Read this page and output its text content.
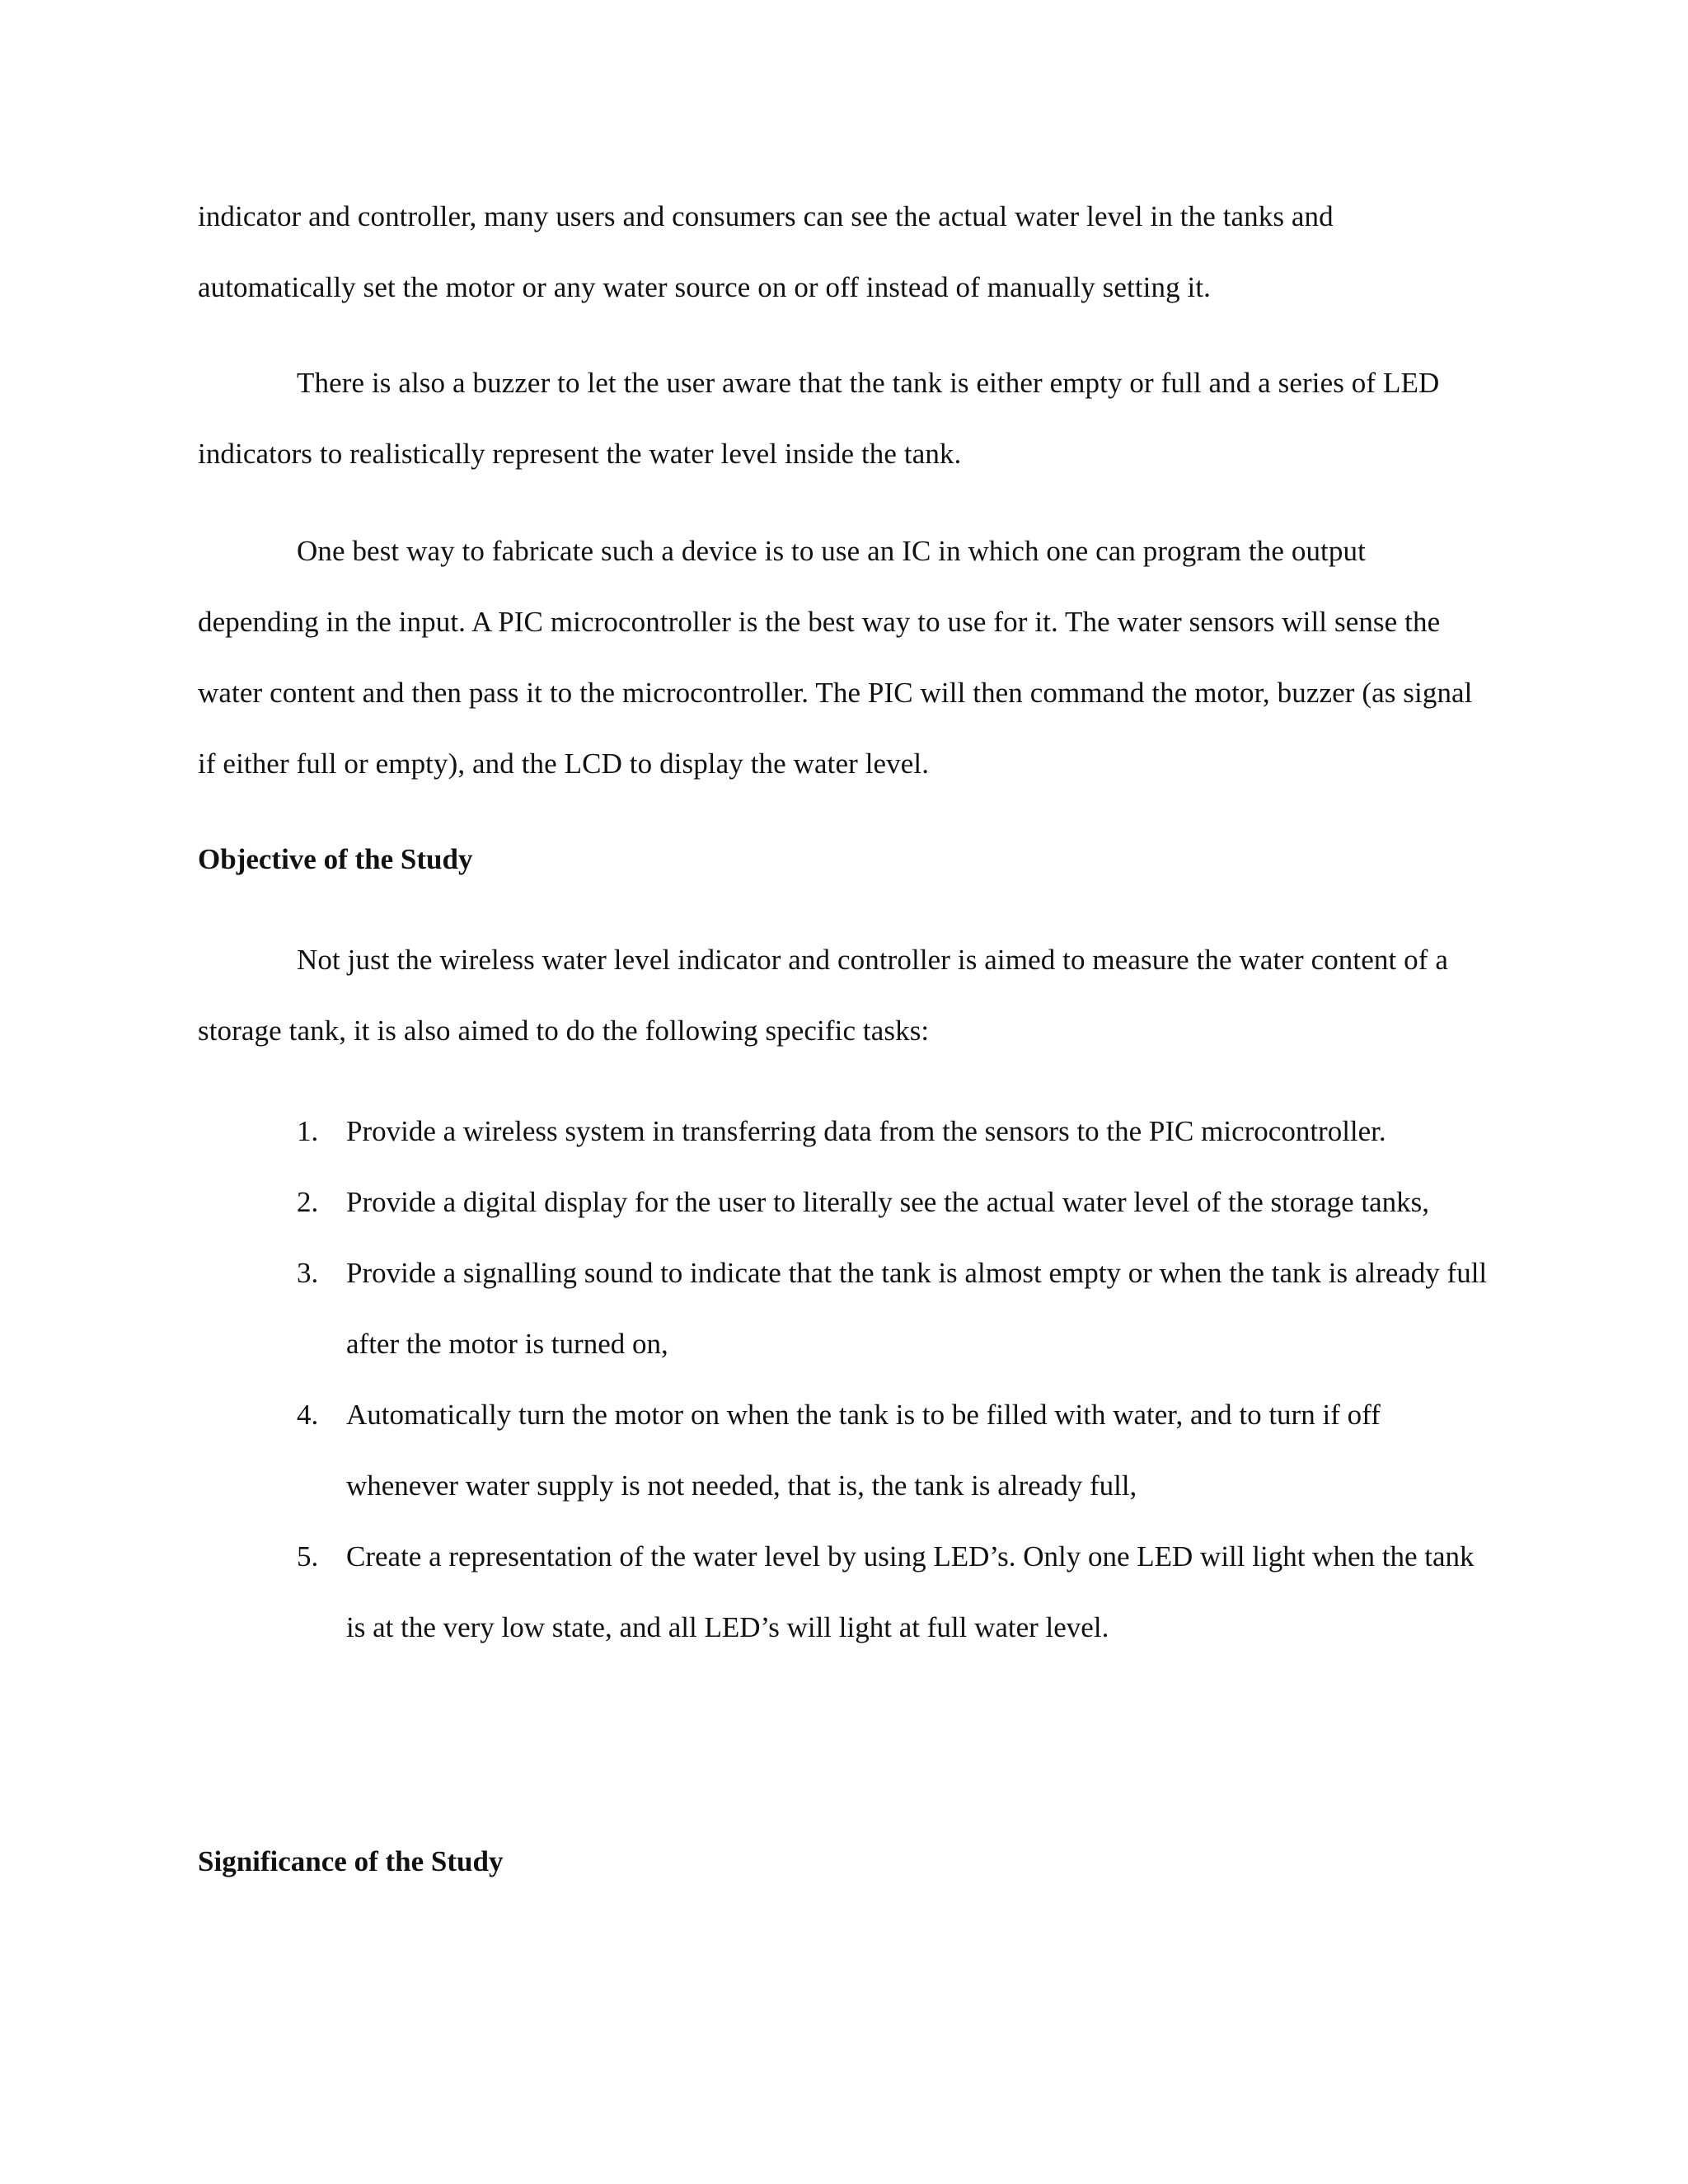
indicator and controller, many users and consumers can see the actual water level in the tanks and automatically set the motor or any water source on or off instead of manually setting it.

There is also a buzzer to let the user aware that the tank is either empty or full and a series of LED indicators to realistically represent the water level inside the tank.

One best way to fabricate such a device is to use an IC in which one can program the output depending in the input. A PIC microcontroller is the best way to use for it. The water sensors will sense the water content and then pass it to the microcontroller. The PIC will then command the motor, buzzer (as signal if either full or empty), and the LCD to display the water level.

Objective of the Study

Not just the wireless water level indicator and controller is aimed to measure the water content of a storage tank, it is also aimed to do the following specific tasks:

1. Provide a wireless system in transferring data from the sensors to the PIC microcontroller.
2. Provide a digital display for the user to literally see the actual water level of the storage tanks,
3. Provide a signalling sound to indicate that the tank is almost empty or when the tank is already full after the motor is turned on,
4. Automatically turn the motor on when the tank is to be filled with water, and to turn if off whenever water supply is not needed, that is, the tank is already full,
5. Create a representation of the water level by using LED’s. Only one LED will light when the tank is at the very low state, and all LED’s will light at full water level.
Significance of the Study
